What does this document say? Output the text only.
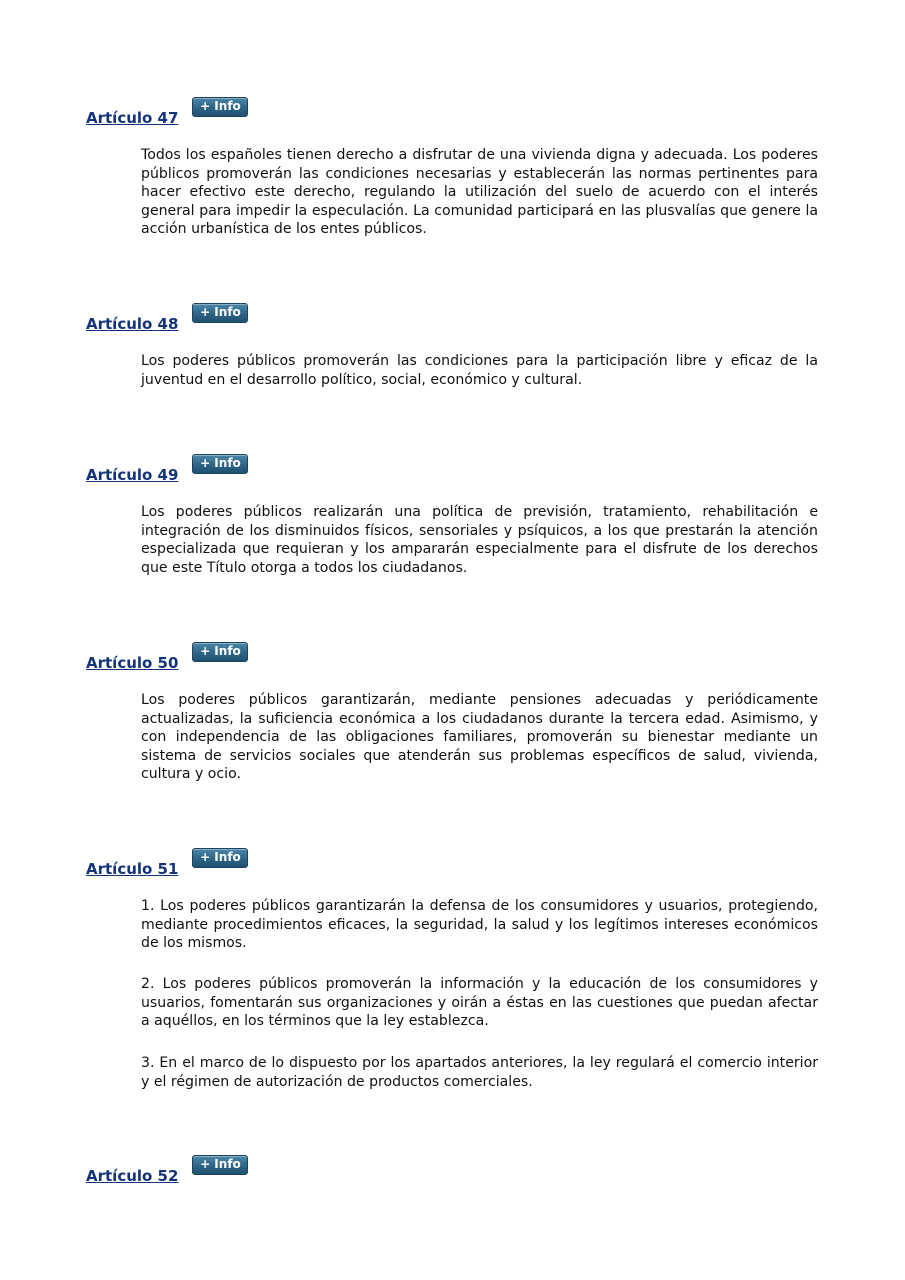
Artículo 47
+ Info

Todos los españoles tienen derecho a disfrutar de una vivienda digna y adecuada. Los poderes públicos promoverán las condiciones necesarias y establecerán las normas pertinentes para hacer efectivo este derecho, regulando la utilización del suelo de acuerdo con el interés general para impedir la especulación. La comunidad participará en las plusvalías que genere la acción urbanística de los entes públicos.

Artículo 48
+ Info

Los poderes públicos promoverán las condiciones para la participación libre y eficaz de la juventud en el desarrollo político, social, económico y cultural.

Artículo 49
+ Info

Los poderes públicos realizarán una política de previsión, tratamiento, rehabilitación e integración de los disminuidos físicos, sensoriales y psíquicos, a los que prestarán la atención especializada que requieran y los ampararán especialmente para el disfrute de los derechos que este Título otorga a todos los ciudadanos.

Artículo 50
+ Info

Los poderes públicos garantizarán, mediante pensiones adecuadas y periódicamente actualizadas, la suficiencia económica a los ciudadanos durante la tercera edad. Asimismo, y con independencia de las obligaciones familiares, promoverán su bienestar mediante un sistema de servicios sociales que atenderán sus problemas específicos de salud, vivienda, cultura y ocio.

Artículo 51
+ Info

1. Los poderes públicos garantizarán la defensa de los consumidores y usuarios, protegiendo, mediante procedimientos eficaces, la seguridad, la salud y los legítimos intereses económicos de los mismos.

2. Los poderes públicos promoverán la información y la educación de los consumidores y usuarios, fomentarán sus organizaciones y oirán a éstas en las cuestiones que puedan afectar a aquéllos, en los términos que la ley establezca.

3. En el marco de lo dispuesto por los apartados anteriores, la ley regulará el comercio interior y el régimen de autorización de productos comerciales.

Artículo 52
+ Info
